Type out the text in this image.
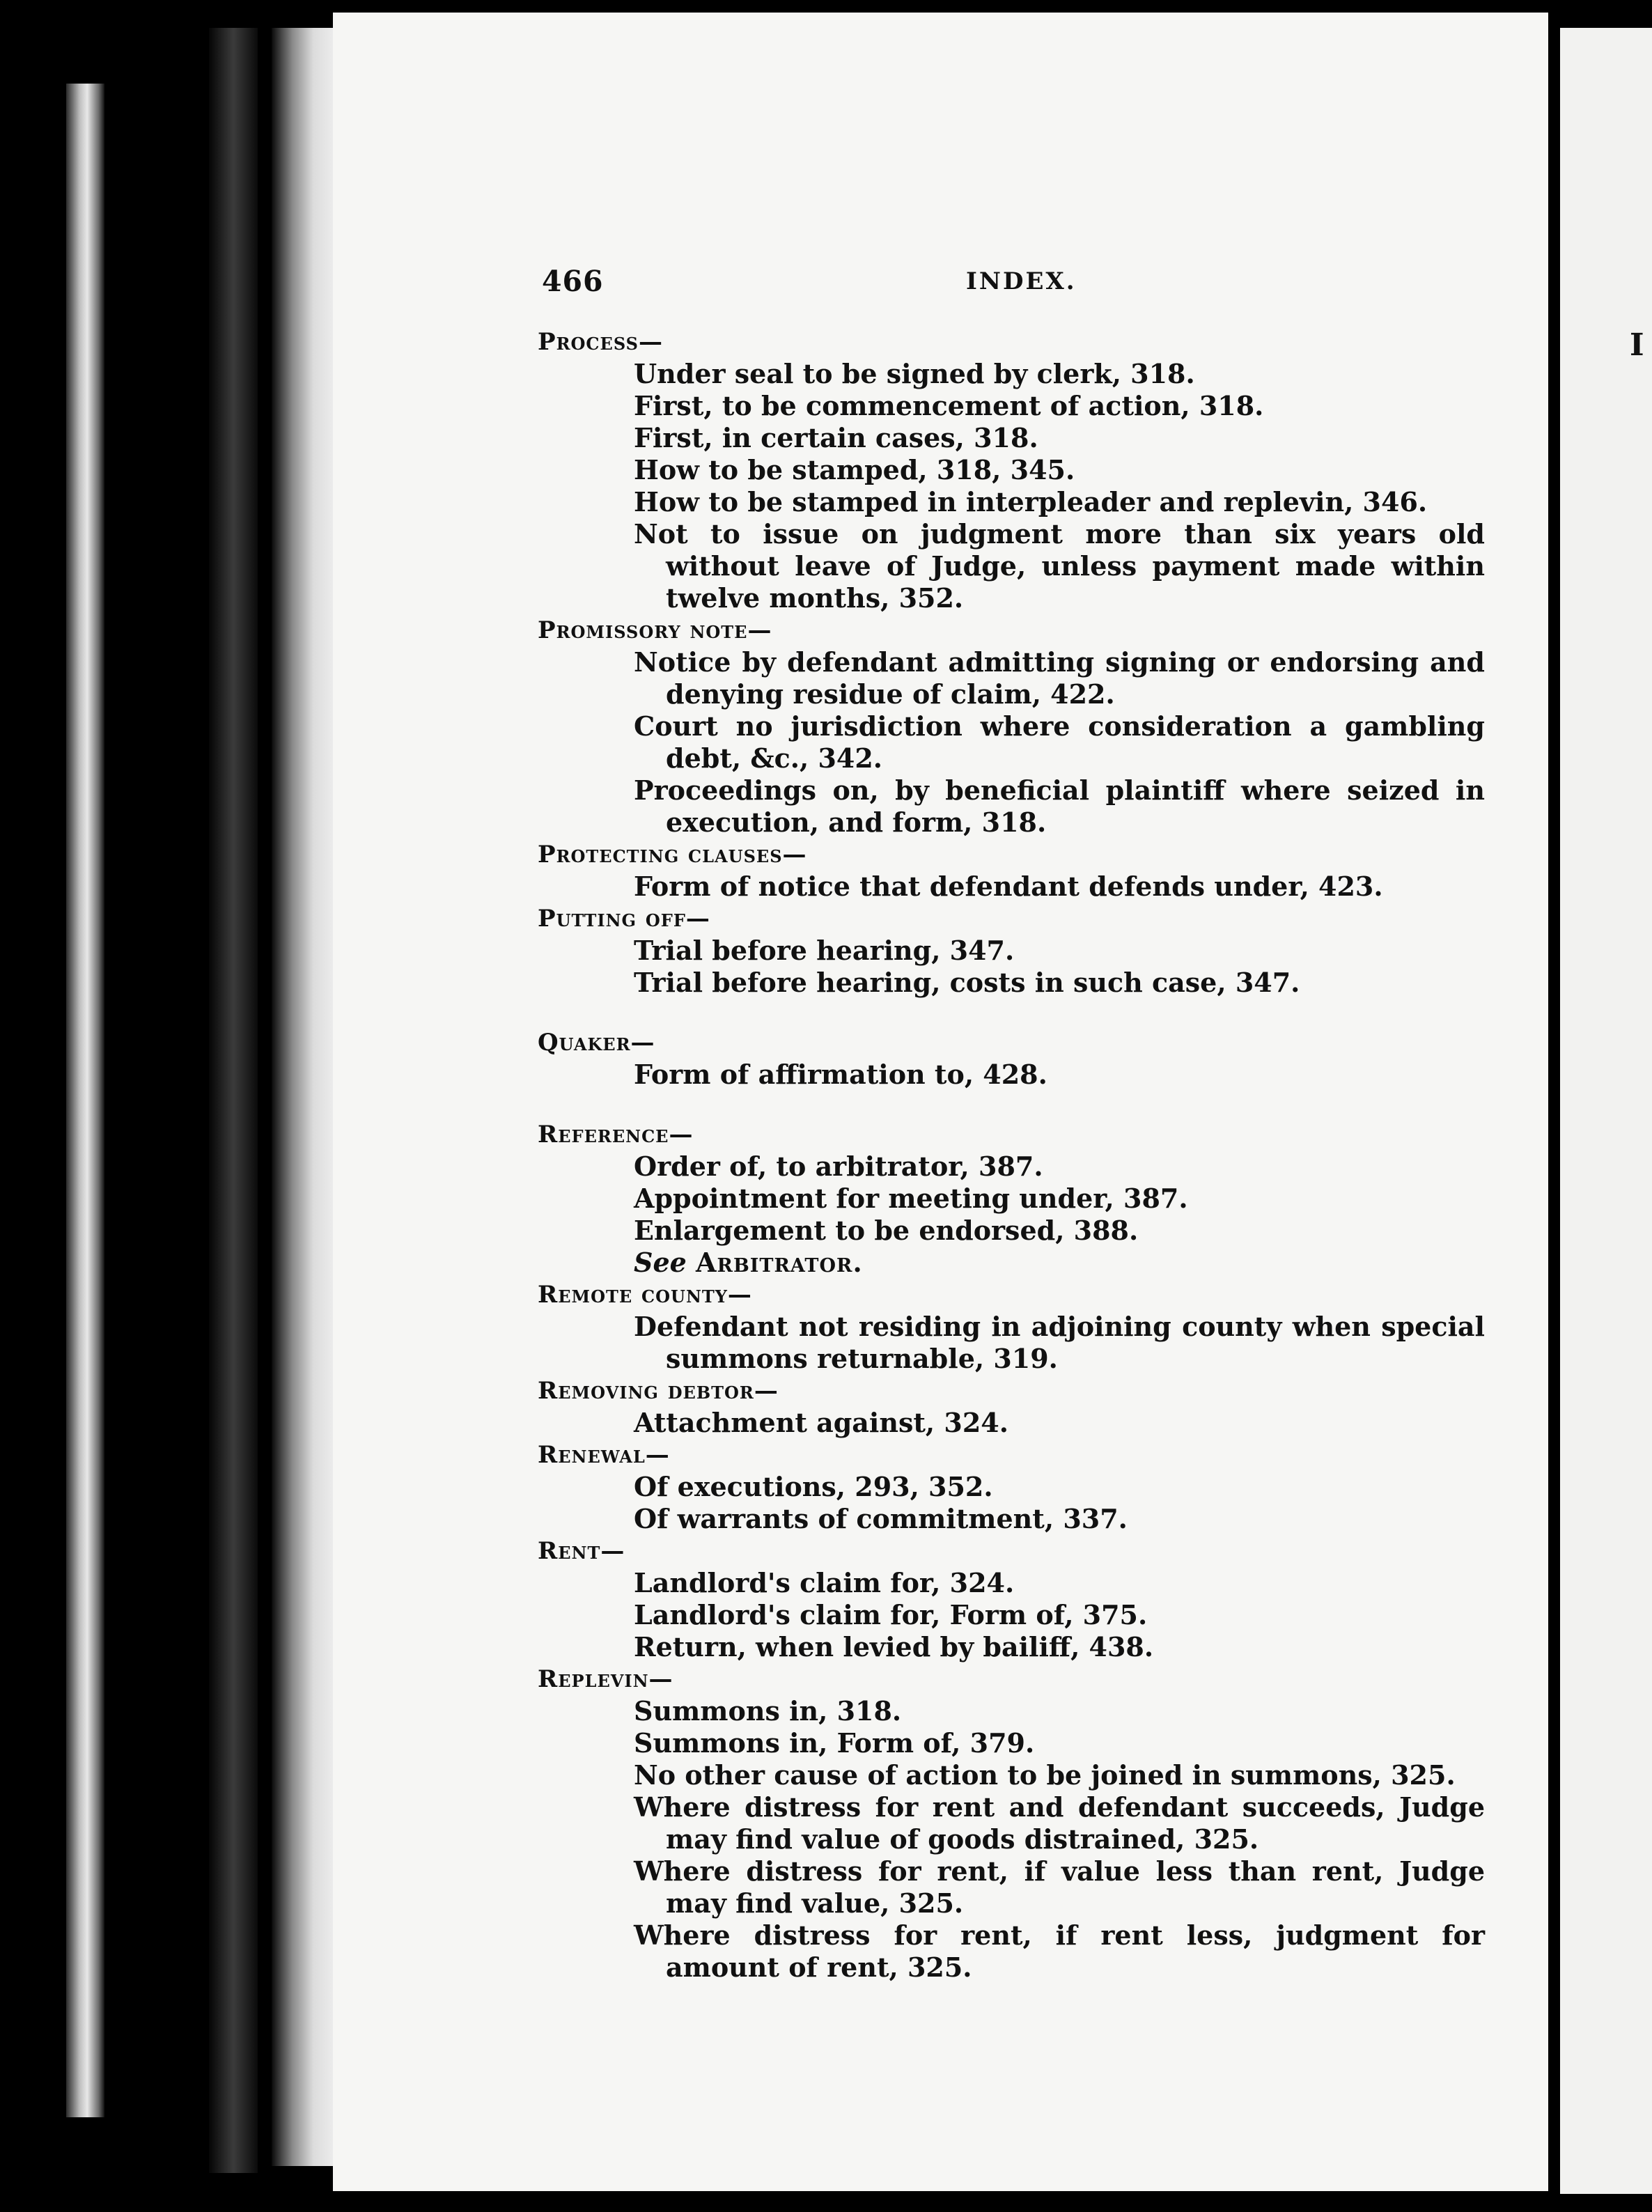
I
466	INDEX.
Process—
Under seal to be signed by clerk, 318.
First, to be commencement of action, 318.
First, in certain cases, 318.
How to be stamped, 318, 345.
How to be stamped in interpleader and replevin, 346.
Not to issue on judgment more than six years old without leave of Judge, unless payment made within twelve months, 352.
Promissory note—
Notice by defendant admitting signing or endorsing and denying residue of claim, 422.
Court no jurisdiction where consideration a gambling debt, &c., 342.
Proceedings on, by beneficial plaintiff where seized in execution, and form, 318.
Protecting clauses—
Form of notice that defendant defends under, 423.
Putting off—
Trial before hearing, 347.
Trial before hearing, costs in such case, 347.
Quaker—
Form of affirmation to, 428.
Reference—
Order of, to arbitrator, 387.
Appointment for meeting under, 387.
Enlargement to be endorsed, 388.
See Arbitrator.
Remote county—
Defendant not residing in adjoining county when special summons returnable, 319.
Removing debtor—
Attachment against, 324.
Renewal—
Of executions, 293, 352.
Of warrants of commitment, 337.
Rent—
Landlord's claim for, 324.
Landlord's claim for, Form of, 375.
Return, when levied by bailiff, 438.
Replevin—
Summons in, 318.
Summons in, Form of, 379.
No other cause of action to be joined in summons, 325.
Where distress for rent and defendant succeeds, Judge may find value of goods distrained, 325.
Where distress for rent, if value less than rent, Judge may find value, 325.
Where distress for rent, if rent less, judgment for amount of rent, 325.
